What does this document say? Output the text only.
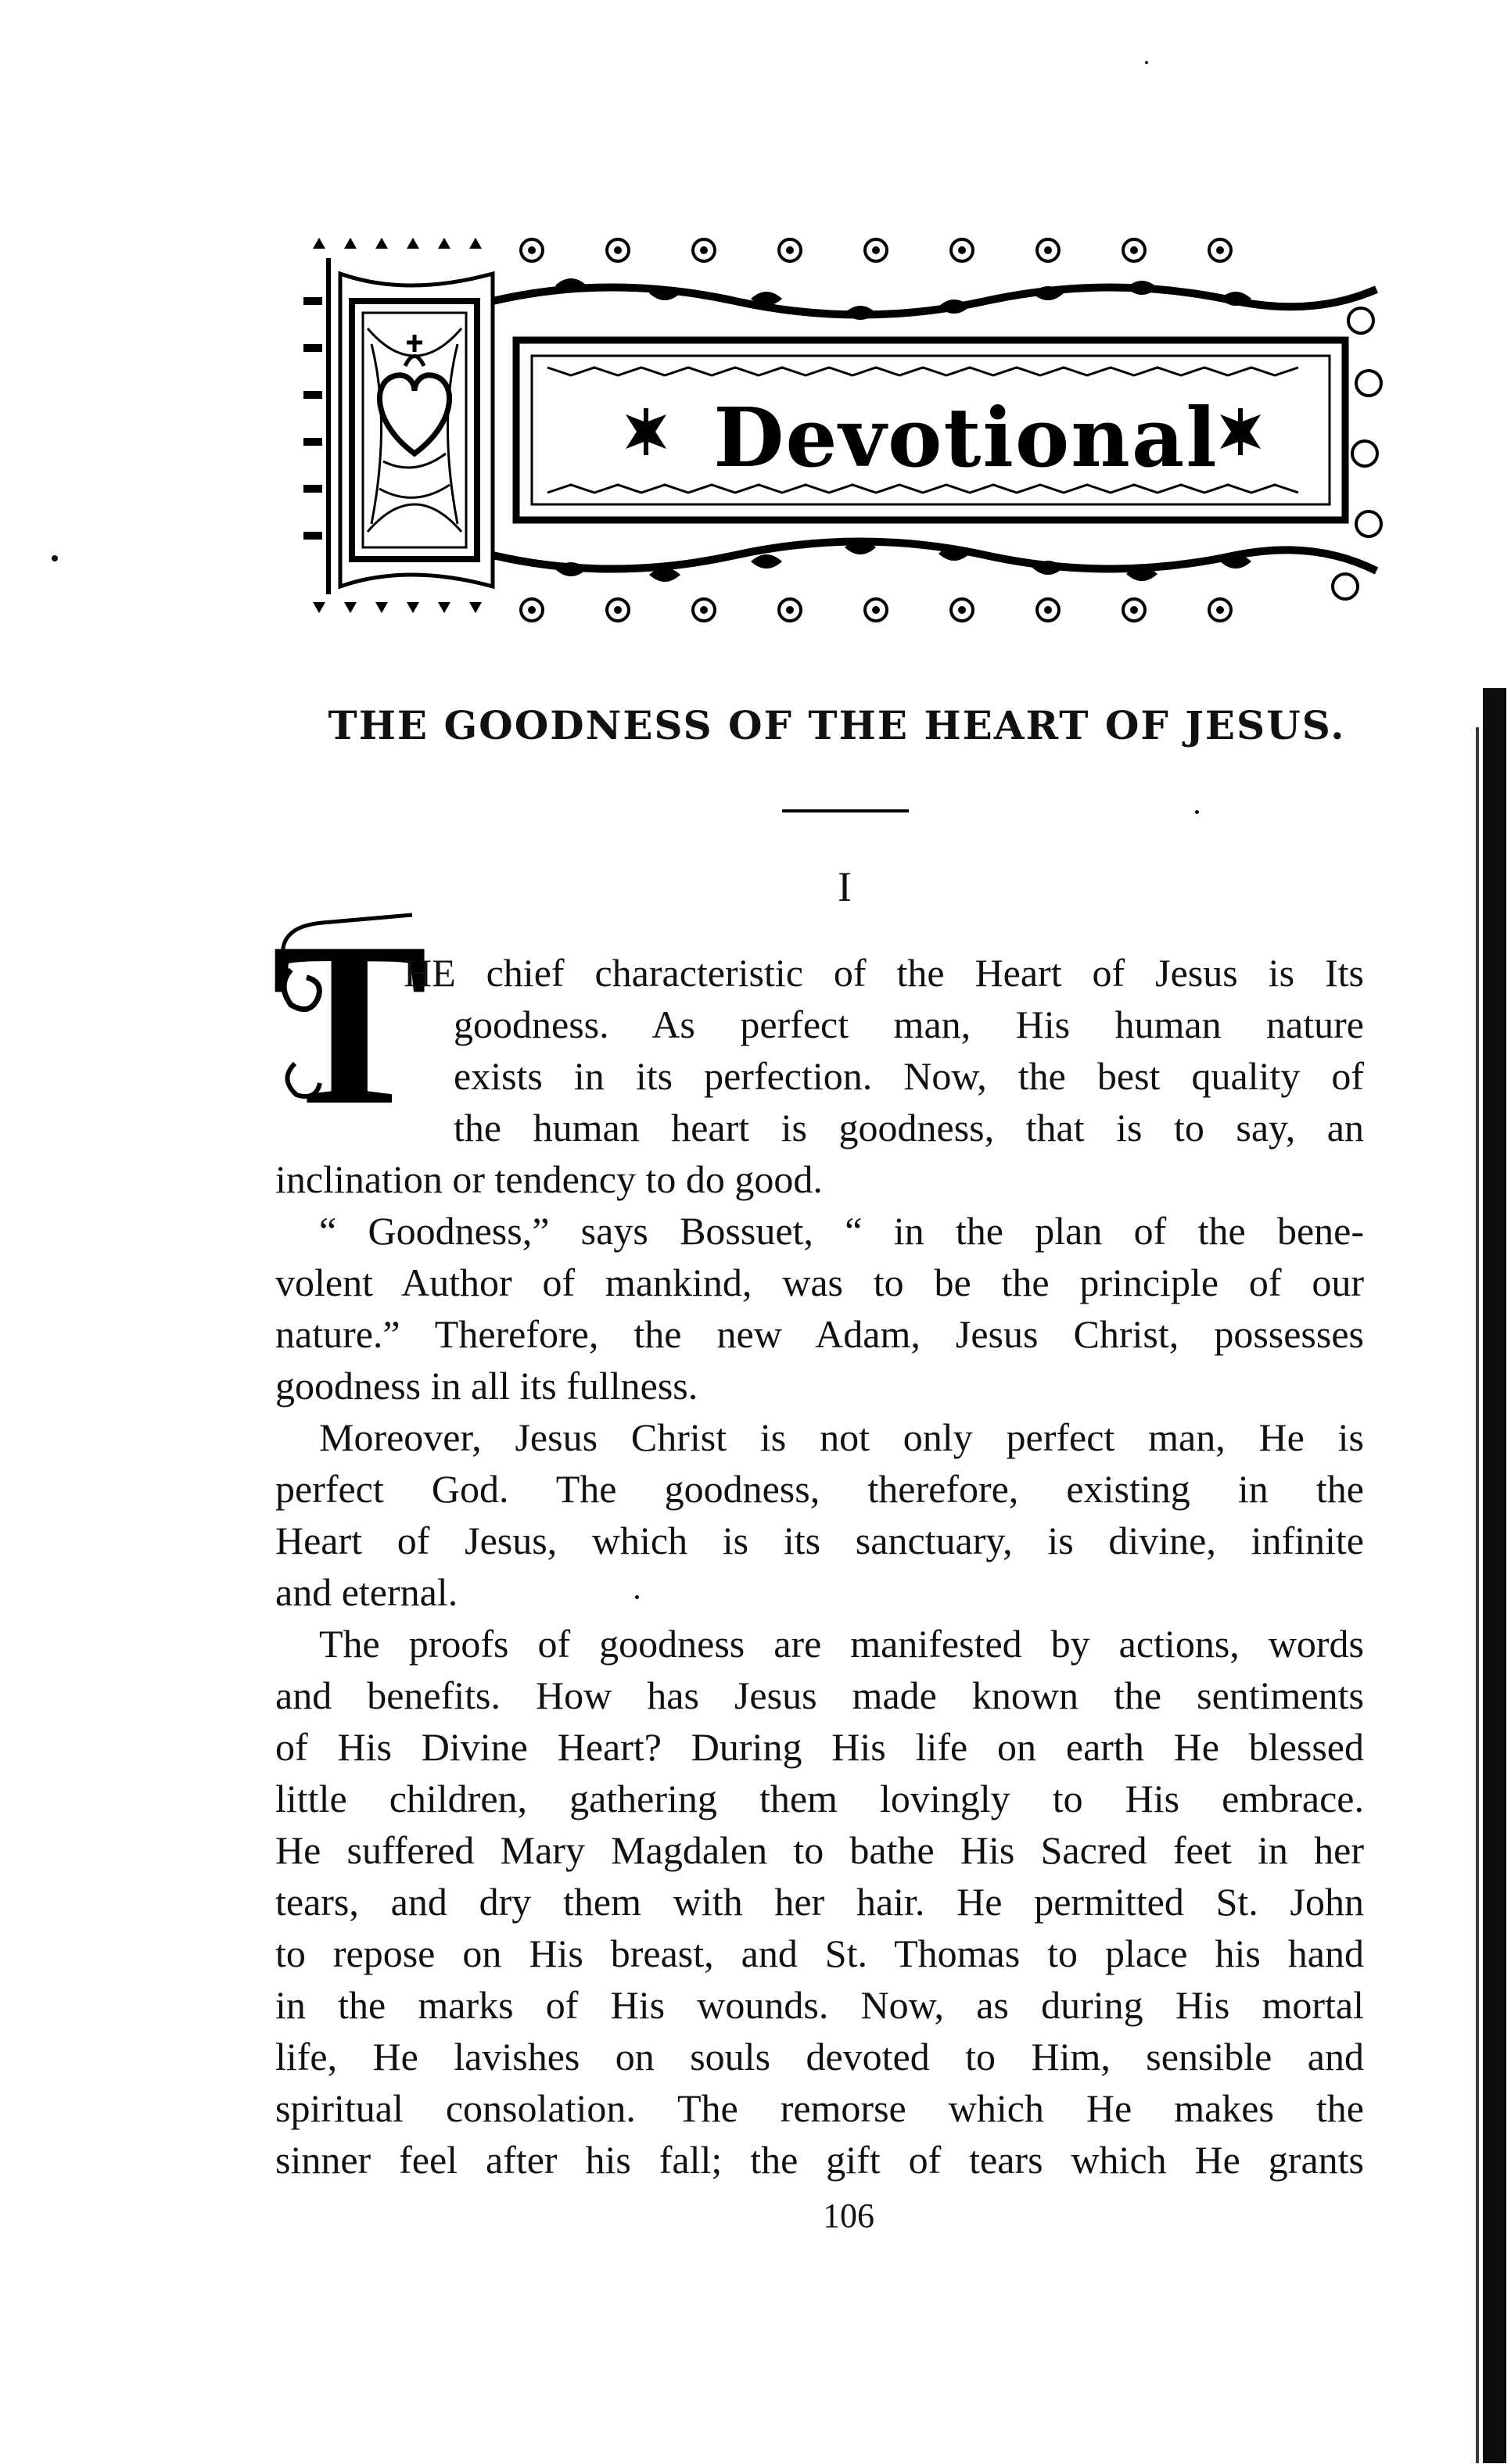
Devotional
THE GOODNESS OF THE HEART OF JESUS.
I
T
HE chief characteristic of the Heart of Jesus is Its
goodness. As perfect man, His human nature
exists in its perfection. Now, the best quality of
the human heart is goodness, that is to say, an
inclination or tendency to do good.
“ Goodness,” says Bossuet, “ in the plan of the bene-
volent Author of mankind, was to be the principle of our
nature.” Therefore, the new Adam, Jesus Christ, possesses
goodness in all its fullness.
Moreover, Jesus Christ is not only perfect man, He is
perfect God. The goodness, therefore, existing in the
Heart of Jesus, which is its sanctuary, is divine, infinite
and eternal.
The proofs of goodness are manifested by actions, words
and benefits. How has Jesus made known the sentiments
of His Divine Heart? During His life on earth He blessed
little children, gathering them lovingly to His embrace.
He suffered Mary Magdalen to bathe His Sacred feet in her
tears, and dry them with her hair. He permitted St. John
to repose on His breast, and St. Thomas to place his hand
in the marks of His wounds. Now, as during His mortal
life, He lavishes on souls devoted to Him, sensible and
spiritual consolation. The remorse which He makes the
sinner feel after his fall; the gift of tears which He grants
106
